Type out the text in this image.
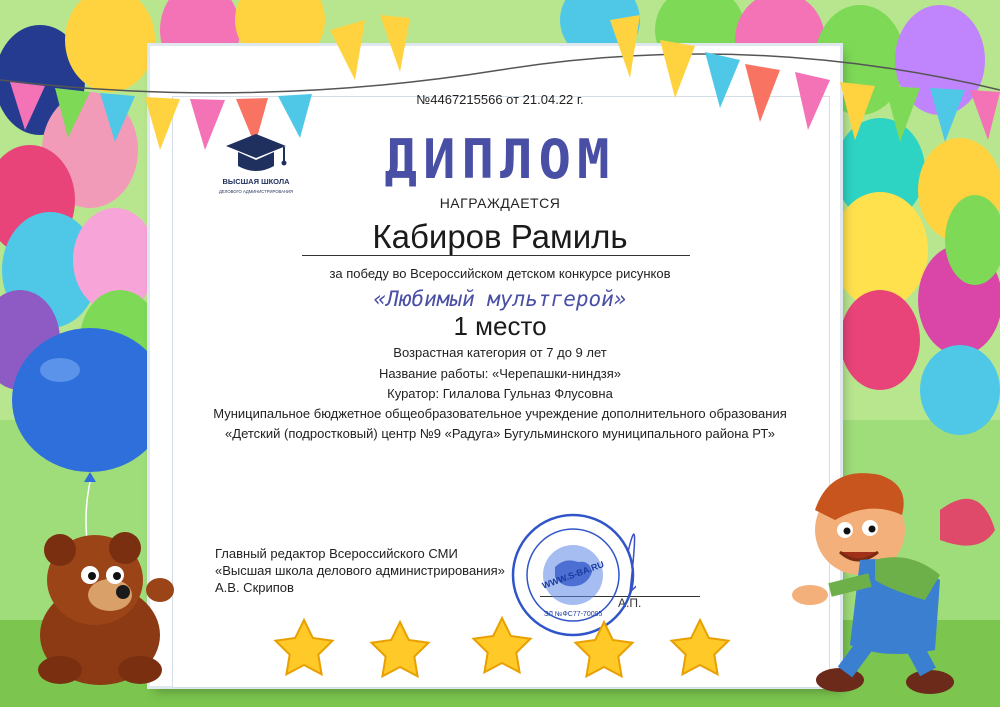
ВЫСШАЯ ШКОЛА
ДЕЛОВОГО АДМИНИСТРИРОВАНИЯ
№4467215566 от 21.04.22 г.
ДИПЛОМ
НАГРАЖДАЕТСЯ
Кабиров Рамиль
за победу во Всероссийском детском конкурсе рисунков
«Любимый мультгерой»
1 место
Возрастная категория от 7 до 9 лет
Название работы: «Черепашки-ниндзя»
Куратор: Гилалова Гульназ Флусовна
Муниципальное бюджетное общеобразовательное учреждение дополнительного образования
«Детский (подростковый) центр №9 «Радуга» Бугульминского муниципального района РТ»
Главный редактор Всероссийского СМИ
«Высшая школа делового администрирования»
А.В. Скрипов
А.П.
WWW.S-BA.RU
ЭЛ №ФС77-70095
